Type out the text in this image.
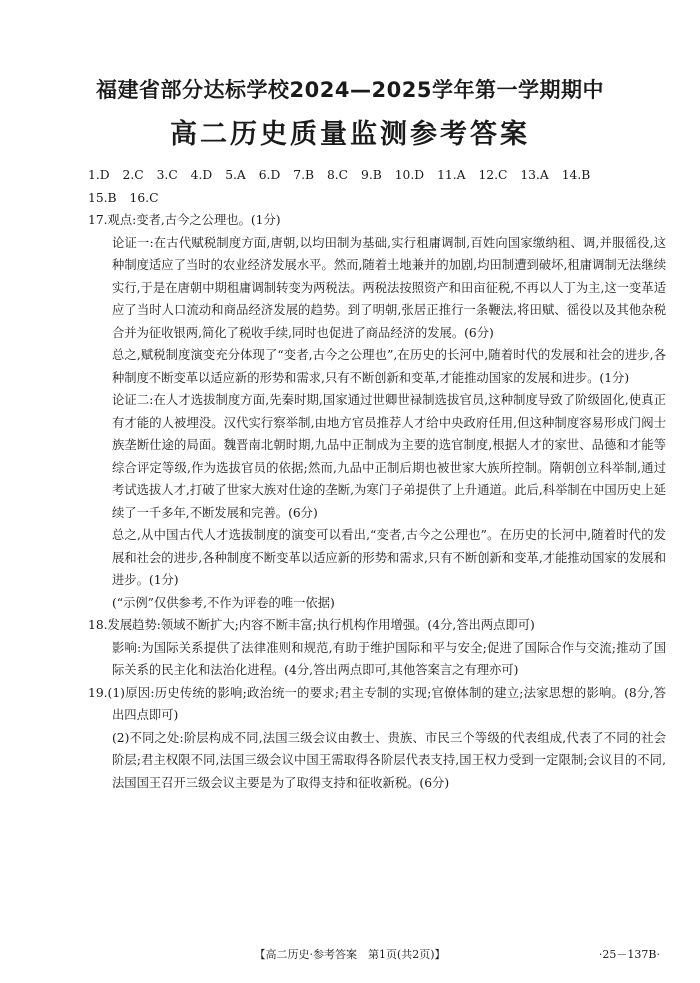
福建省部分达标学校2024—2025学年第一学期期中
高二历史质量监测参考答案

1.D 2.C 3.C 4.D 5.A 6.D 7.B 8.C 9.B 10.D 11.A 12.C 13.A 14.B

15.B 16.C

17.观点:变者,古今之公理也。(1分)

论证一:在古代赋税制度方面,唐朝,以均田制为基础,实行租庸调制,百姓向国家缴纳租、调,并服徭役,这种制度适应了当时的农业经济发展水平。然而,随着土地兼并的加剧,均田制遭到破坏,租庸调制无法继续实行,于是在唐朝中期租庸调制转变为两税法。两税法按照资产和田亩征税,不再以人丁为主,这一变革适应了当时人口流动和商品经济发展的趋势。到了明朝,张居正推行一条鞭法,将田赋、徭役以及其他杂税合并为征收银两,简化了税收手续,同时也促进了商品经济的发展。(6分)

总之,赋税制度演变充分体现了“变者,古今之公理也”,在历史的长河中,随着时代的发展和社会的进步,各种制度不断变革以适应新的形势和需求,只有不断创新和变革,才能推动国家的发展和进步。(1分)

论证二:在人才选拔制度方面,先秦时期,国家通过世卿世禄制选拔官员,这种制度导致了阶级固化,使真正有才能的人被埋没。汉代实行察举制,由地方官员推荐人才给中央政府任用,但这种制度容易形成门阀士族垄断仕途的局面。魏晋南北朝时期,九品中正制成为主要的选官制度,根据人才的家世、品德和才能等综合评定等级,作为选拔官员的依据;然而,九品中正制后期也被世家大族所控制。隋朝创立科举制,通过考试选拔人才,打破了世家大族对仕途的垄断,为寒门子弟提供了上升通道。此后,科举制在中国历史上延续了一千多年,不断发展和完善。(6分)

总之,从中国古代人才选拔制度的演变可以看出,“变者,古今之公理也”。在历史的长河中,随着时代的发展和社会的进步,各种制度不断变革以适应新的形势和需求,只有不断创新和变革,才能推动国家的发展和进步。(1分)

(“示例”仅供参考,不作为评卷的唯一依据)

18.发展趋势:领域不断扩大;内容不断丰富;执行机构作用增强。(4分,答出两点即可)

影响:为国际关系提供了法律准则和规范,有助于维护国际和平与安全;促进了国际合作与交流;推动了国际关系的民主化和法治化进程。(4分,答出两点即可,其他答案言之有理亦可)

19.(1)原因:历史传统的影响;政治统一的要求;君主专制的实现;官僚体制的建立;法家思想的影响。(8分,答出四点即可)

(2)不同之处:阶层构成不同,法国三级会议由教士、贵族、市民三个等级的代表组成,代表了不同的社会阶层;君主权限不同,法国三级会议中国王需取得各阶层代表支持,国王权力受到一定限制;会议目的不同,法国国王召开三级会议主要是为了取得支持和征收新税。(6分)

【高二历史·参考答案　第1页(共2页)】	·25－137B·
